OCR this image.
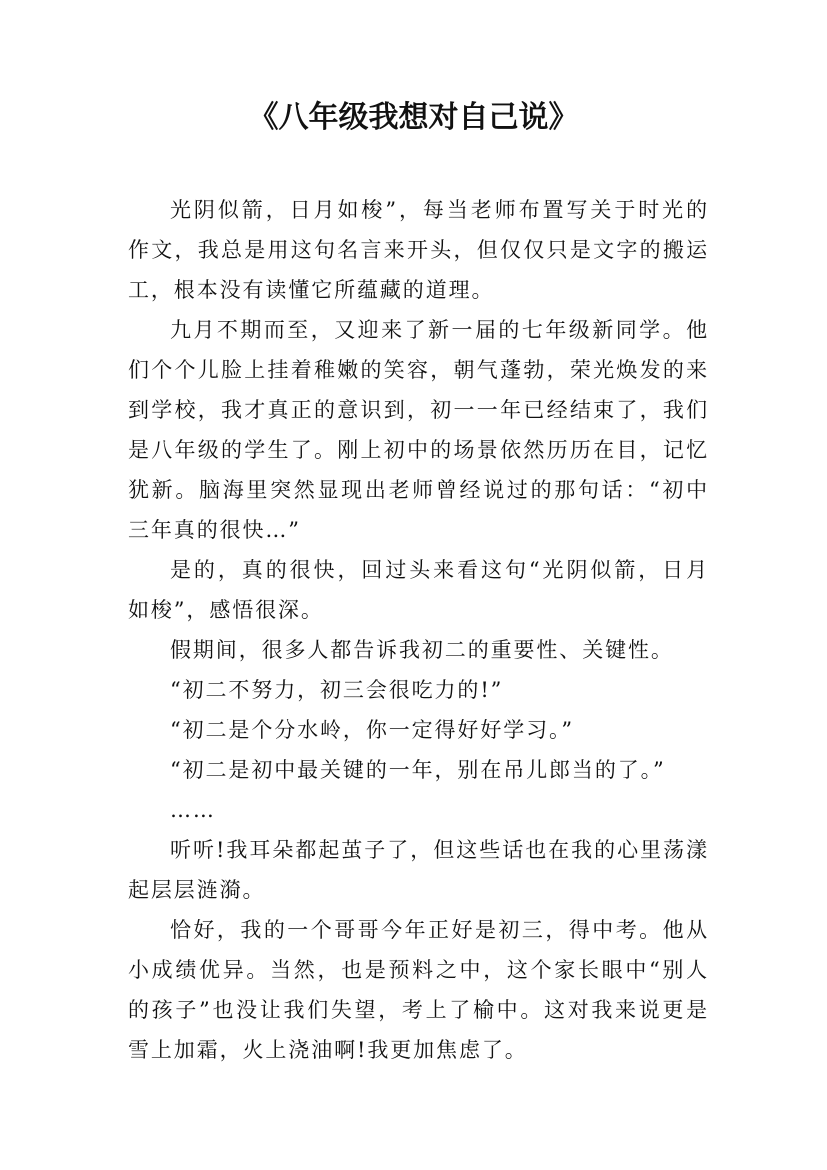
《八年级我想对自己说》

光阴似箭，日月如梭”，每当老师布置写关于时光的作文，我总是用这句名言来开头，但仅仅只是文字的搬运工，根本没有读懂它所蕴藏的道理。

九月不期而至，又迎来了新一届的七年级新同学。他们个个儿脸上挂着稚嫩的笑容，朝气蓬勃，荣光焕发的来到学校，我才真正的意识到，初一一年已经结束了，我们是八年级的学生了。刚上初中的场景依然历历在目，记忆犹新。脑海里突然显现出老师曾经说过的那句话：“初中三年真的很快…”

是的，真的很快，回过头来看这句“光阴似箭，日月如梭”，感悟很深。

假期间，很多人都告诉我初二的重要性、关键性。

“初二不努力，初三会很吃力的!”

“初二是个分水岭，你一定得好好学习。”

“初二是初中最关键的一年，别在吊儿郎当的了。”

……

听听!我耳朵都起茧子了，但这些话也在我的心里荡漾起层层涟漪。

恰好，我的一个哥哥今年正好是初三，得中考。他从小成绩优异。当然，也是预料之中，这个家长眼中“别人的孩子”也没让我们失望，考上了榆中。这对我来说更是雪上加霜，火上浇油啊!我更加焦虑了。
